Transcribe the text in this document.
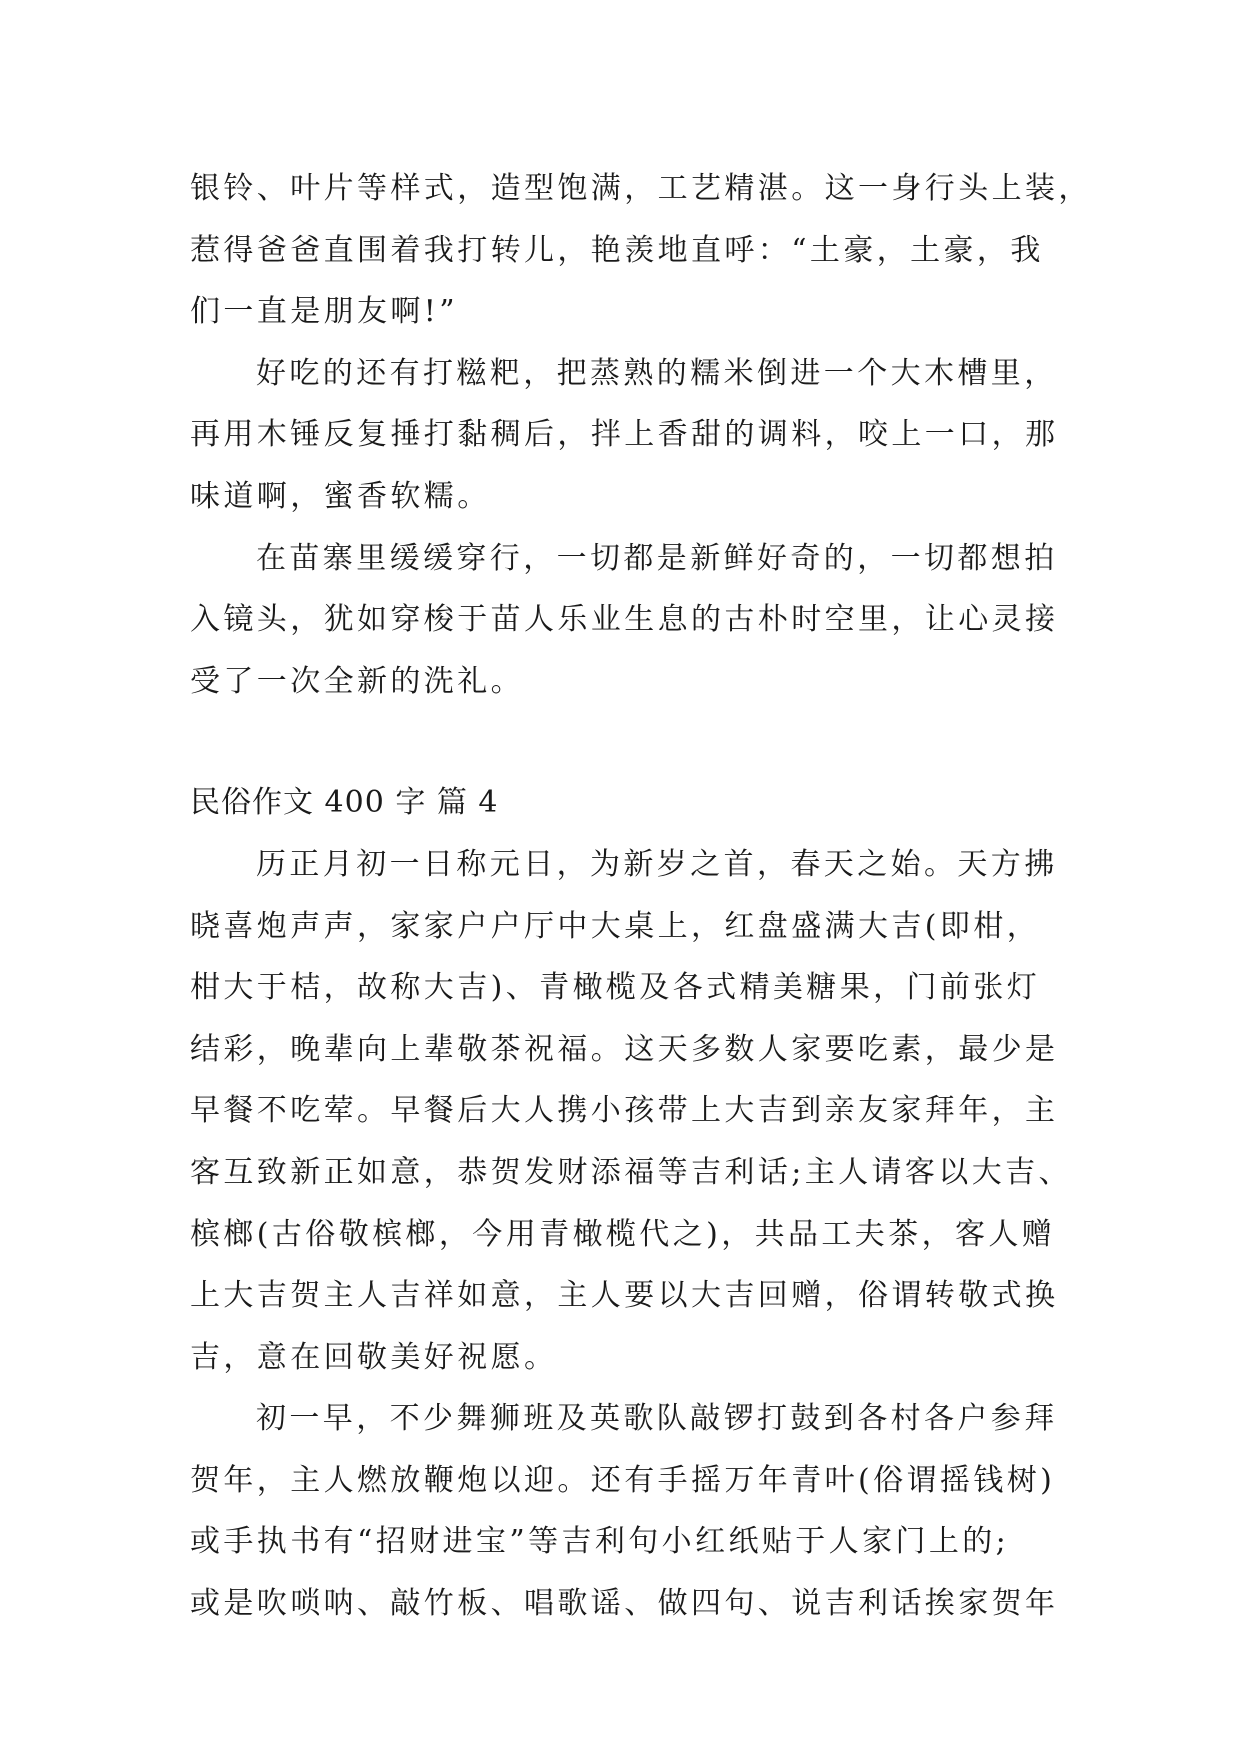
银铃、叶片等样式，造型饱满，工艺精湛。这一身行头上装，
惹得爸爸直围着我打转儿，艳羡地直呼：“土豪，土豪，我
们一直是朋友啊!”
好吃的还有打糍粑，把蒸熟的糯米倒进一个大木槽里，
再用木锤反复捶打黏稠后，拌上香甜的调料，咬上一口，那
味道啊，蜜香软糯。
在苗寨里缓缓穿行，一切都是新鲜好奇的，一切都想拍
入镜头，犹如穿梭于苗人乐业生息的古朴时空里，让心灵接
受了一次全新的洗礼。
民俗作文 400 字 篇 4
历正月初一日称元日，为新岁之首，春天之始。天方拂
晓喜炮声声，家家户户厅中大桌上，红盘盛满大吉(即柑，
柑大于桔，故称大吉)、青橄榄及各式精美糖果，门前张灯
结彩，晚辈向上辈敬茶祝福。这天多数人家要吃素，最少是
早餐不吃荤。早餐后大人携小孩带上大吉到亲友家拜年，主
客互致新正如意，恭贺发财添福等吉利话;主人请客以大吉、
槟榔(古俗敬槟榔，今用青橄榄代之)，共品工夫茶，客人赠
上大吉贺主人吉祥如意，主人要以大吉回赠，俗谓转敬式换
吉，意在回敬美好祝愿。
初一早，不少舞狮班及英歌队敲锣打鼓到各村各户参拜
贺年，主人燃放鞭炮以迎。还有手摇万年青叶(俗谓摇钱树)
或手执书有“招财进宝”等吉利句小红纸贴于人家门上的;
或是吹唢呐、敲竹板、唱歌谣、做四句、说吉利话挨家贺年
